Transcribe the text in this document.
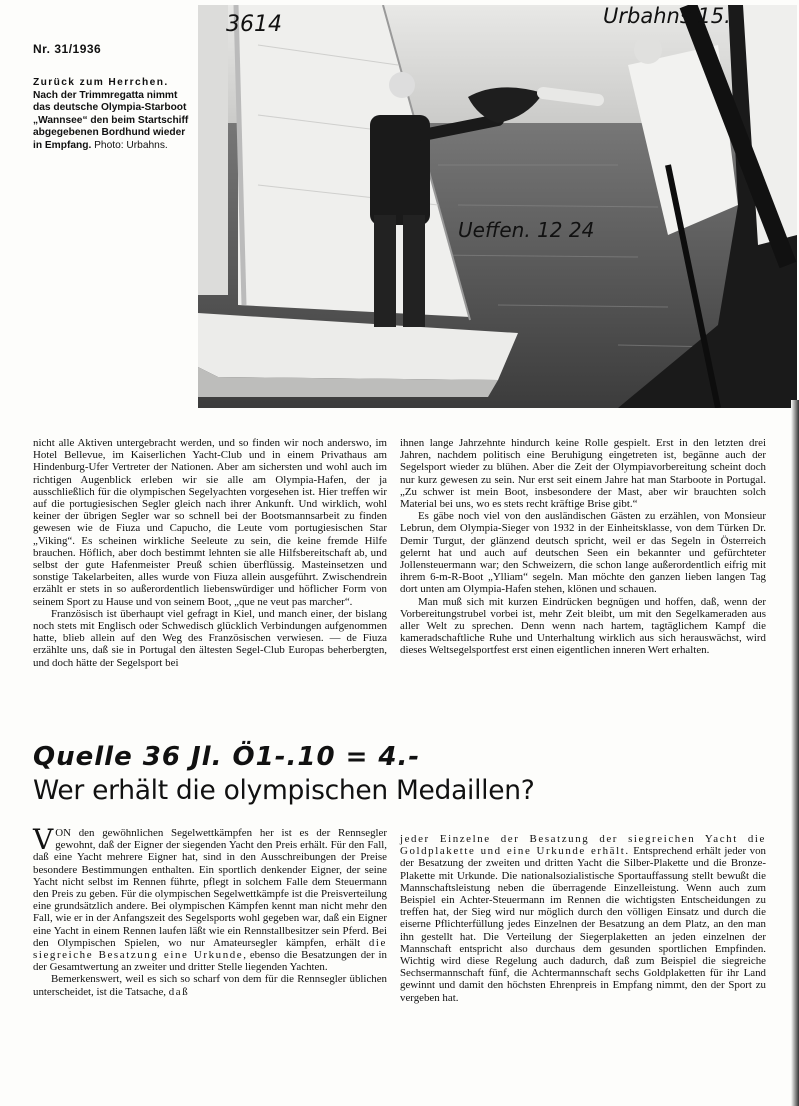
Nr. 31/1936
Zurück zum Herrchen. Nach der Trimmregatta nimmt das deutsche Olympia-Starboot „Wannsee“ den beim Startschiff abgegebenen Bordhund wieder in Empfang. Photo: Urbahns.
3614	Urbahns 15.
Ueffen. 12 24

nicht alle Aktiven untergebracht werden, und so finden wir noch anderswo, im Hotel Bellevue, im Kaiserlichen Yacht-Club und in einem Privathaus am Hindenburg-Ufer Vertreter der Nationen. Aber am sichersten und wohl auch im richtigen Augenblick erleben wir sie alle am Olympia-Hafen, der ja ausschließlich für die olympischen Segelyachten vorgesehen ist. Hier treffen wir auf die portugiesischen Segler gleich nach ihrer Ankunft. Und wirklich, wohl keiner der übrigen Segler war so schnell bei der Bootsmannsarbeit zu finden gewesen wie de Fiuza und Capucho, die Leute vom portugiesischen Star „Viking“. Es scheinen wirkliche Seeleute zu sein, die keine fremde Hilfe brauchen. Höflich, aber doch bestimmt lehnten sie alle Hilfsbereitschaft ab, und selbst der gute Hafenmeister Preuß schien überflüssig. Masteinsetzen und sonstige Takelarbeiten, alles wurde von Fiuza allein ausgeführt. Zwischendrein erzählt er stets in so außerordentlich liebenswürdiger und höflicher Form von seinem Sport zu Hause und von seinem Boot, „que ne veut pas marcher“.

Französisch ist überhaupt viel gefragt in Kiel, und manch einer, der bislang noch stets mit Englisch oder Schwedisch glücklich Verbindungen aufgenommen hatte, blieb allein auf den Weg des Französischen verwiesen. — de Fiuza erzählte uns, daß sie in Portugal den ältesten Segel-Club Europas beherbergten, und doch hätte der Segelsport bei

ihnen lange Jahrzehnte hindurch keine Rolle gespielt. Erst in den letzten drei Jahren, nachdem politisch eine Beruhigung eingetreten ist, begänne auch der Segelsport wieder zu blühen. Aber die Zeit der Olympiavorbereitung scheint doch nur kurz gewesen zu sein. Nur erst seit einem Jahre hat man Starboote in Portugal. „Zu schwer ist mein Boot, insbesondere der Mast, aber wir brauchten solch Material bei uns, wo es stets recht kräftige Brise gibt.“

Es gäbe noch viel von den ausländischen Gästen zu erzählen, von Monsieur Lebrun, dem Olympia-Sieger von 1932 in der Einheitsklasse, von dem Türken Dr. Demir Turgut, der glänzend deutsch spricht, weil er das Segeln in Österreich gelernt hat und auch auf deutschen Seen ein bekannter und gefürchteter Jollensteuermann war; den Schweizern, die schon lange außerordentlich eifrig mit ihrem 6-m-R-Boot „Ylliam“ segeln. Man möchte den ganzen lieben langen Tag dort unten am Olympia-Hafen stehen, klönen und schauen.

Man muß sich mit kurzen Eindrücken begnügen und hoffen, daß, wenn der Vorbereitungstrubel vorbei ist, mehr Zeit bleibt, um mit den Segelkameraden aus aller Welt zu sprechen. Denn wenn nach hartem, tagtäglichem Kampf die kameradschaftliche Ruhe und Unterhaltung wirklich aus sich herauswächst, wird dieses Weltsegelsportfest erst einen eigentlichen inneren Wert erhalten.

Quelle 36 Jl. Ö1-.10 = 4.-
Wer erhält die olympischen Medaillen?

VON den gewöhnlichen Segelwettkämpfen her ist es der Rennsegler gewohnt, daß der Eigner der siegenden Yacht den Preis erhält. Für den Fall, daß eine Yacht mehrere Eigner hat, sind in den Ausschreibungen der Preise besondere Bestimmungen enthalten. Ein sportlich denkender Eigner, der seine Yacht nicht selbst im Rennen führte, pflegt in solchem Falle dem Steuermann den Preis zu geben. Für die olympischen Segelwettkämpfe ist die Preisverteilung eine grundsätzlich andere. Bei olympischen Kämpfen kennt man nicht mehr den Fall, wie er in der Anfangszeit des Segelsports wohl gegeben war, daß ein Eigner eine Yacht in einem Rennen laufen läßt wie ein Rennstallbesitzer sein Pferd. Bei den Olympischen Spielen, wo nur Amateursegler kämpfen, erhält die siegreiche Besatzung eine Urkunde, ebenso die Besatzungen der in der Gesamtwertung an zweiter und dritter Stelle liegenden Yachten.

Bemerkenswert, weil es sich so scharf von dem für die Rennsegler üblichen unterscheidet, ist die Tatsache, daß

jeder Einzelne der Besatzung der siegreichen Yacht die Goldplakette und eine Urkunde erhält. Entsprechend erhält jeder von der Besatzung der zweiten und dritten Yacht die Silber-Plakette und die Bronze-Plakette mit Urkunde. Die nationalsozialistische Sportauffassung stellt bewußt die Mannschaftsleistung neben die überragende Einzelleistung. Wenn auch zum Beispiel ein Achter-Steuermann im Rennen die wichtigsten Entscheidungen zu treffen hat, der Sieg wird nur möglich durch den völligen Einsatz und durch die eiserne Pflichterfüllung jedes Einzelnen der Besatzung an dem Platz, an den man ihn gestellt hat. Die Verteilung der Siegerplaketten an jeden einzelnen der Mannschaft entspricht also durchaus dem gesunden sportlichen Empfinden. Wichtig wird diese Regelung auch dadurch, daß zum Beispiel die siegreiche Sechsermannschaft fünf, die Achtermannschaft sechs Goldplaketten für ihr Land gewinnt und damit den höchsten Ehrenpreis in Empfang nimmt, den der Sport zu vergeben hat.
